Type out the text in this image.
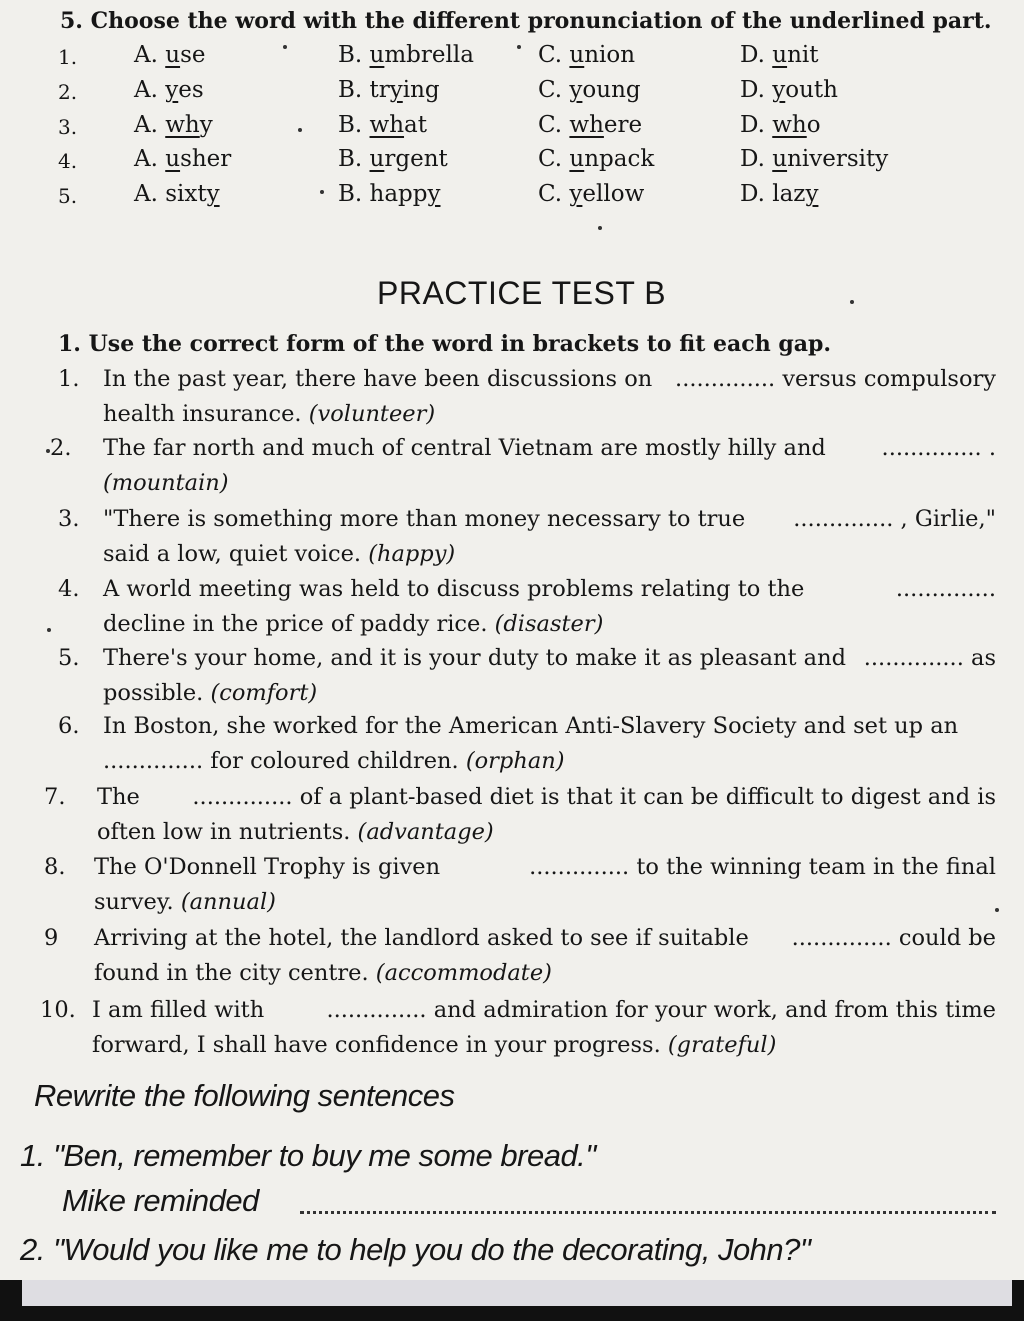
5. Choose the word with the different pronunciation of the underlined part.
1. A. use	B. umbrella	C. union	D. unit
2. A. yes	B. trying	C. young	D. youth
3. A. why	B. what	C. where	D. who
4. A. usher	B. urgent	C. unpack	D. university
5. A. sixty	B. happy	C. yellow	D. lazy
PRACTICE TEST B
1. Use the correct form of the word in brackets to fit each gap.
1. In the past year, there have been discussions on .............. versus compulsory
health insurance. (volunteer)
2. The far north and much of central Vietnam are mostly hilly and .............. .
(mountain)
3. "There is something more than money necessary to true .............. , Girlie,"
said a low, quiet voice. (happy)
4. A world meeting was held to discuss problems relating to the	..............
decline in the price of paddy rice. (disaster)
5. There's your home, and it is your duty to make it as pleasant and .............. as
possible. (comfort)
6. In Boston, she worked for the American Anti-Slavery Society and set up an
.............. for coloured children. (orphan)
7. The .............. of a plant-based diet is that it can be difficult to digest and is
often low in nutrients. (advantage)
8. The O'Donnell Trophy is given	.............. to the winning team in the final
survey. (annual)
9 Arriving at the hotel, the landlord asked to see if suitable .............. could be
found in the city centre. (accommodate)
10. I am filled with	.............. and admiration for your work, and from this time
forward, I shall have confidence in your progress. (grateful)
Rewrite the following sentences
1. "Ben, remember to buy me some bread."
Mike reminded
2. "Would you like me to help you do the decorating, John?"
